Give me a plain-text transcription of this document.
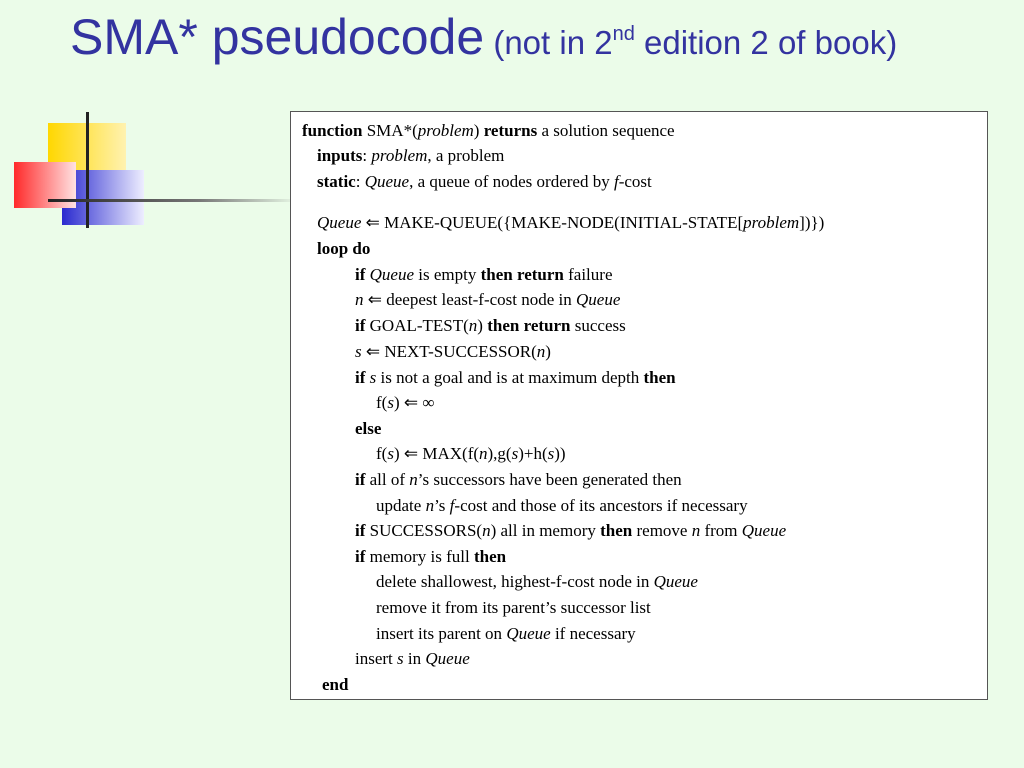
SMA* pseudocode (not in 2nd edition 2 of book)
function SMA*(problem) returns a solution sequence
inputs: problem, a problem
static: Queue, a queue of nodes ordered by f-cost
Queue ⇐ MAKE-QUEUE({MAKE-NODE(INITIAL-STATE[problem])})
loop do
if Queue is empty then return failure
n ⇐ deepest least-f-cost node in Queue
if GOAL-TEST(n) then return success
s ⇐ NEXT-SUCCESSOR(n)
if s is not a goal and is at maximum depth then
f(s) ⇐ ∞
else
f(s) ⇐ MAX(f(n),g(s)+h(s))
if all of n’s successors have been generated then
update n’s f-cost and those of its ancestors if necessary
if SUCCESSORS(n) all in memory then remove n from Queue
if memory is full then
delete shallowest, highest-f-cost node in Queue
remove it from its parent’s successor list
insert its parent on Queue if necessary
insert s in Queue
end
